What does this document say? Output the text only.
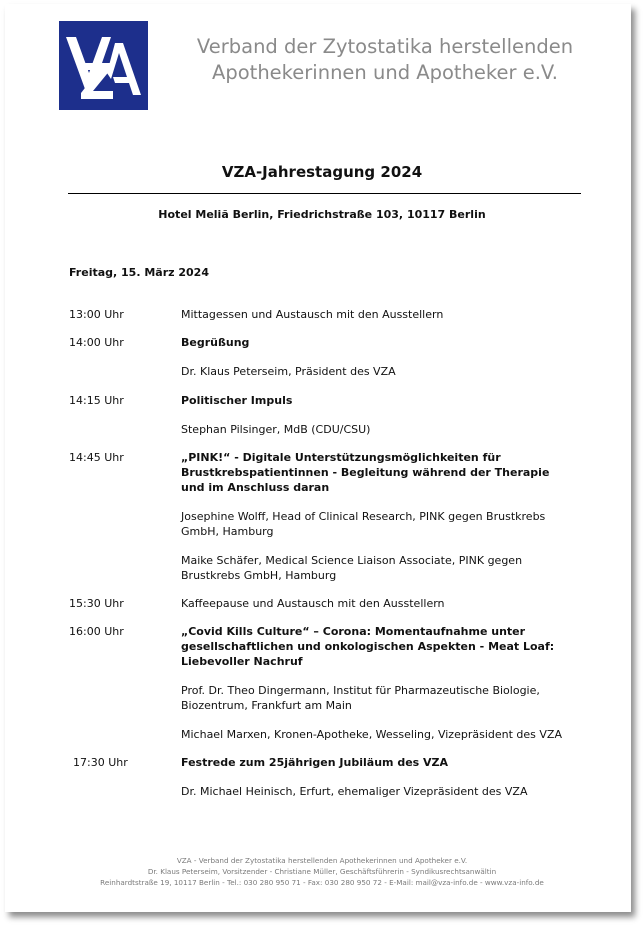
Verband der Zytostatika herstellenden
Apothekerinnen und Apotheker e.V.
VZA-Jahrestagung 2024
Hotel Meliã Berlin, Friedrichstraße 103, 10117 Berlin
Freitag, 15. März 2024
13:00 Uhr	Mittagessen und Austausch mit den Ausstellern
14:00 Uhr	Begrüßung
Dr. Klaus Peterseim, Präsident des VZA
14:15 Uhr	Politischer Impuls
Stephan Pilsinger, MdB (CDU/CSU)
14:45 Uhr	„PINK!“ - Digitale Unterstützungsmöglichkeiten für Brustkrebspatientinnen - Begleitung während der Therapie und im Anschluss daran
Josephine Wolff, Head of Clinical Research, PINK gegen Brustkrebs GmbH, Hamburg
Maike Schäfer, Medical Science Liaison Associate, PINK gegen Brustkrebs GmbH, Hamburg
15:30 Uhr	Kaffeepause und Austausch mit den Ausstellern
16:00 Uhr	„Covid Kills Culture“ – Corona: Momentaufnahme unter gesellschaftlichen und onkologischen Aspekten - Meat Loaf: Liebevoller Nachruf
Prof. Dr. Theo Dingermann, Institut für Pharmazeutische Biologie, Biozentrum, Frankfurt am Main
Michael Marxen, Kronen-Apotheke, Wesseling, Vizepräsident des VZA
17:30 Uhr	Festrede zum 25jährigen Jubiläum des VZA
Dr. Michael Heinisch, Erfurt, ehemaliger Vizepräsident des VZA
VZA - Verband der Zytostatika herstellenden Apothekerinnen und Apotheker e.V.
Dr. Klaus Peterseim, Vorsitzender - Christiane Müller, Geschäftsführerin - Syndikusrechtsanwältin
Reinhardtstraße 19, 10117 Berlin - Tel.: 030 280 950 71 - Fax: 030 280 950 72 - E-Mail: mail@vza-info.de - www.vza-info.de
